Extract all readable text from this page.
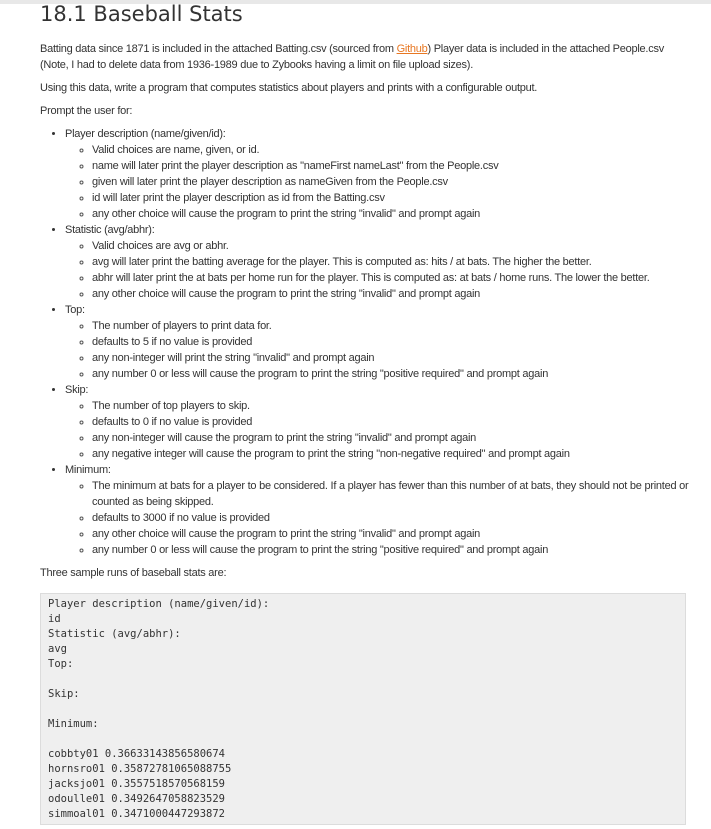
18.1 Baseball Stats

Batting data since 1871 is included in the attached Batting.csv (sourced from Github) Player data is included in the attached People.csv (Note, I had to delete data from 1936-1989 due to Zybooks having a limit on file upload sizes).

Using this data, write a program that computes statistics about players and prints with a configurable output.

Prompt the user for:

• Player description (name/given/id):
◦ Valid choices are name, given, or id.
◦ name will later print the player description as "nameFirst nameLast" from the People.csv
◦ given will later print the player description as nameGiven from the People.csv
◦ id will later print the player description as id from the Batting.csv
◦ any other choice will cause the program to print the string "invalid" and prompt again
• Statistic (avg/abhr):
◦ Valid choices are avg or abhr.
◦ avg will later print the batting average for the player. This is computed as: hits / at bats. The higher the better.
◦ abhr will later print the at bats per home run for the player. This is computed as: at bats / home runs. The lower the better.
◦ any other choice will cause the program to print the string "invalid" and prompt again
• Top:
◦ The number of players to print data for.
◦ defaults to 5 if no value is provided
◦ any non-integer will print the string "invalid" and prompt again
◦ any number 0 or less will cause the program to print the string "positive required" and prompt again
• Skip:
◦ The number of top players to skip.
◦ defaults to 0 if no value is provided
◦ any non-integer will cause the program to print the string "invalid" and prompt again
◦ any negative integer will cause the program to print the string "non-negative required" and prompt again
• Minimum:
◦ The minimum at bats for a player to be considered. If a player has fewer than this number of at bats, they should not be printed or counted as being skipped.
◦ defaults to 3000 if no value is provided
◦ any other choice will cause the program to print the string "invalid" and prompt again
◦ any number 0 or less will cause the program to print the string "positive required" and prompt again
Three sample runs of baseball stats are:
Player description (name/given/id):
id
Statistic (avg/abhr):
avg
Top:
Skip:
Minimum:
cobbty01 0.36633143856580674
hornsro01 0.35872781065088755
jacksjo01 0.3557518570568159
odoulle01 0.3492647058823529
simmoal01 0.3471000447293872
